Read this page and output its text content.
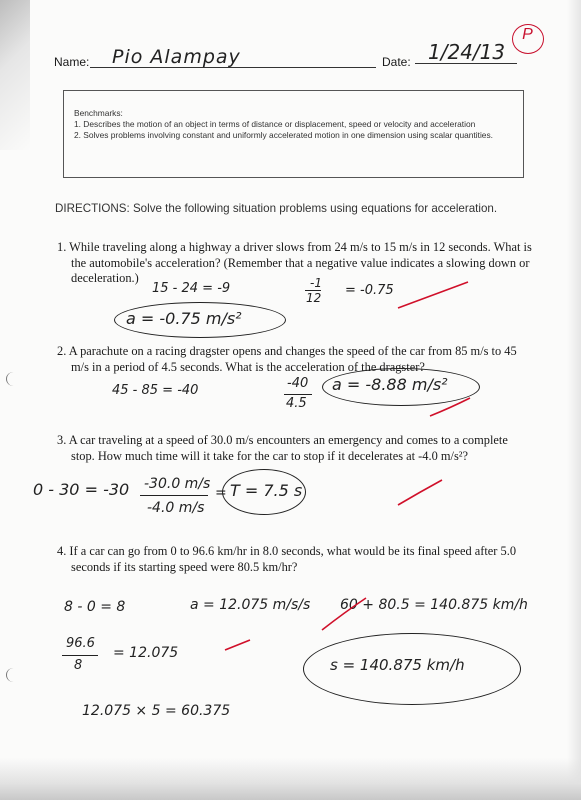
Name: Pio Alampay	Date: 1/24/13
P
Benchmarks:
1. Describes the motion of an object in terms of distance or displacement, speed or velocity and acceleration
2. Solves problems involving constant and uniformly accelerated motion in one dimension using scalar quantities.
DIRECTIONS: Solve the following situation problems using equations for acceleration.
1. While traveling along a highway a driver slows from 24 m/s to 15 m/s in 12 seconds. What is the automobile's acceleration? (Remember that a negative value indicates a slowing down or deceleration.)
15 - 24 = -9	-1
12 = -0.75
a = -0.75 m/s²
2. A parachute on a racing dragster opens and changes the speed of the car from 85 m/s to 45 m/s in a period of 4.5 seconds. What is the acceleration of the dragster?
45 - 85 = -40	-40
4.5
a = -8.88 m/s²
3. A car traveling at a speed of 30.0 m/s encounters an emergency and comes to a complete stop. How much time will it take for the car to stop if it decelerates at -4.0 m/s²?
0 - 30 = -30 -30.0 m/s
-4.0 m/s
= T = 7.5 s
4. If a car can go from 0 to 96.6 km/hr in 8.0 seconds, what would be its final speed after 5.0 seconds if its starting speed were 80.5 km/hr?
8 - 0 = 8	a = 12.075 m/s/s 60 + 80.5 = 140.875 km/h
96.6
8
= 12.075
12.075 × 5 = 60.375
s = 140.875 km/h
